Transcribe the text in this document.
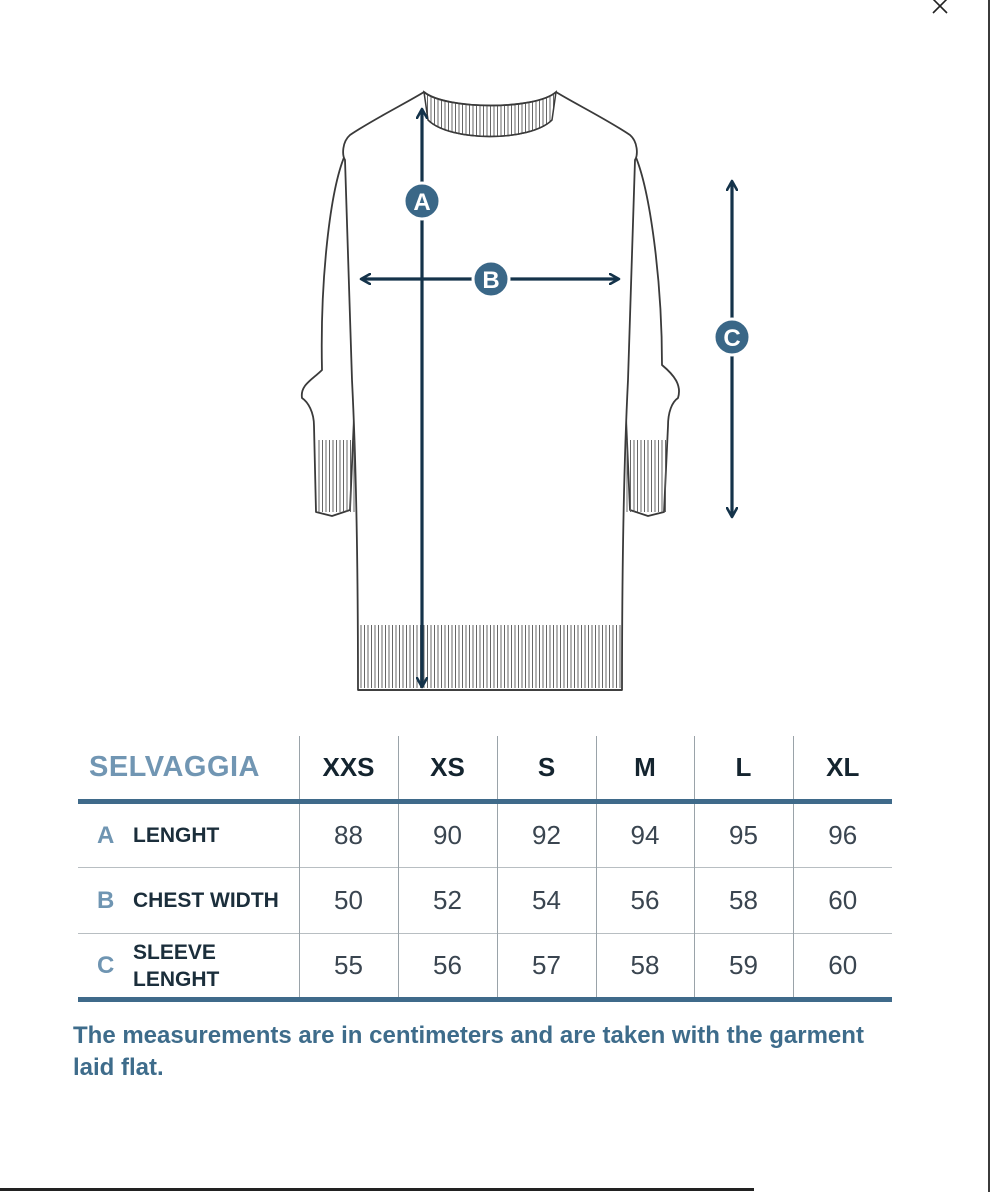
A
B
C
SELVAGGIA	XXS	XS	S	M	L	XL

A LENGHT	88	90	92	94	95	96

B CHEST WIDTH	50	52	54	56	58	60

C SLEEVE
LENGHT	55	56	57	58	59	60
The measurements are in centimeters and are taken with the garment laid flat.
